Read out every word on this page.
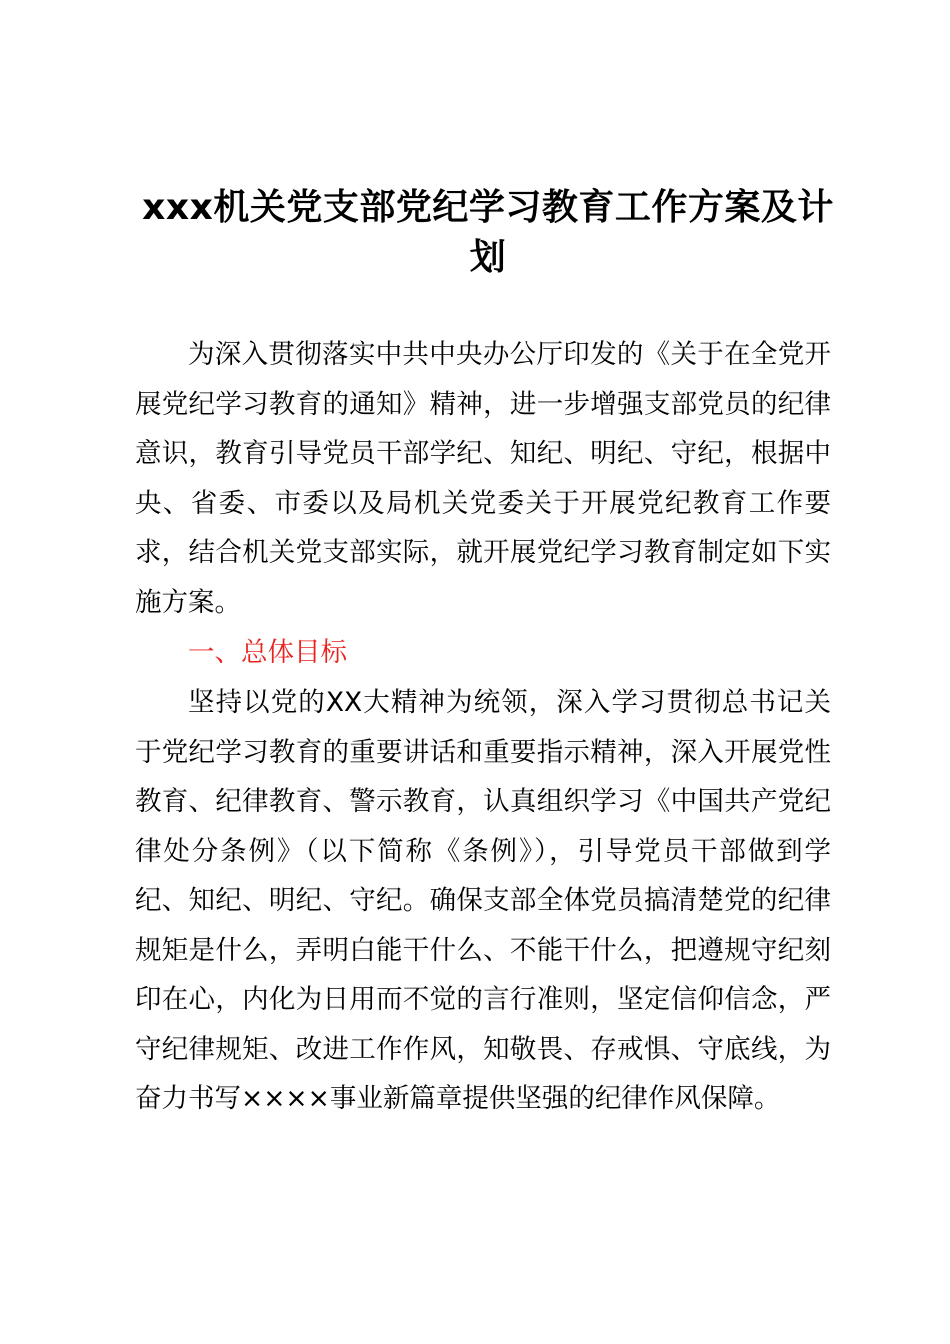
xxx机关党支部党纪学习教育工作方案及计划
为深入贯彻落实中共中央办公厅印发的《关于在全党开展党纪学习教育的通知》精神，进一步增强支部党员的纪律意识，教育引导党员干部学纪、知纪、明纪、守纪，根据中央、省委、市委以及局机关党委关于开展党纪教育工作要求，结合机关党支部实际，就开展党纪学习教育制定如下实施方案。
一、总体目标
坚持以党的XX大精神为统领，深入学习贯彻总书记关于党纪学习教育的重要讲话和重要指示精神，深入开展党性教育、纪律教育、警示教育，认真组织学习《中国共产党纪律处分条例》（以下简称《条例》），引导党员干部做到学纪、知纪、明纪、守纪。确保支部全体党员搞清楚党的纪律规矩是什么，弄明白能干什么、不能干什么，把遵规守纪刻印在心，内化为日用而不觉的言行准则，坚定信仰信念，严守纪律规矩、改进工作作风，知敬畏、存戒惧、守底线，为奋力书写××××事业新篇章提供坚强的纪律作风保障。
